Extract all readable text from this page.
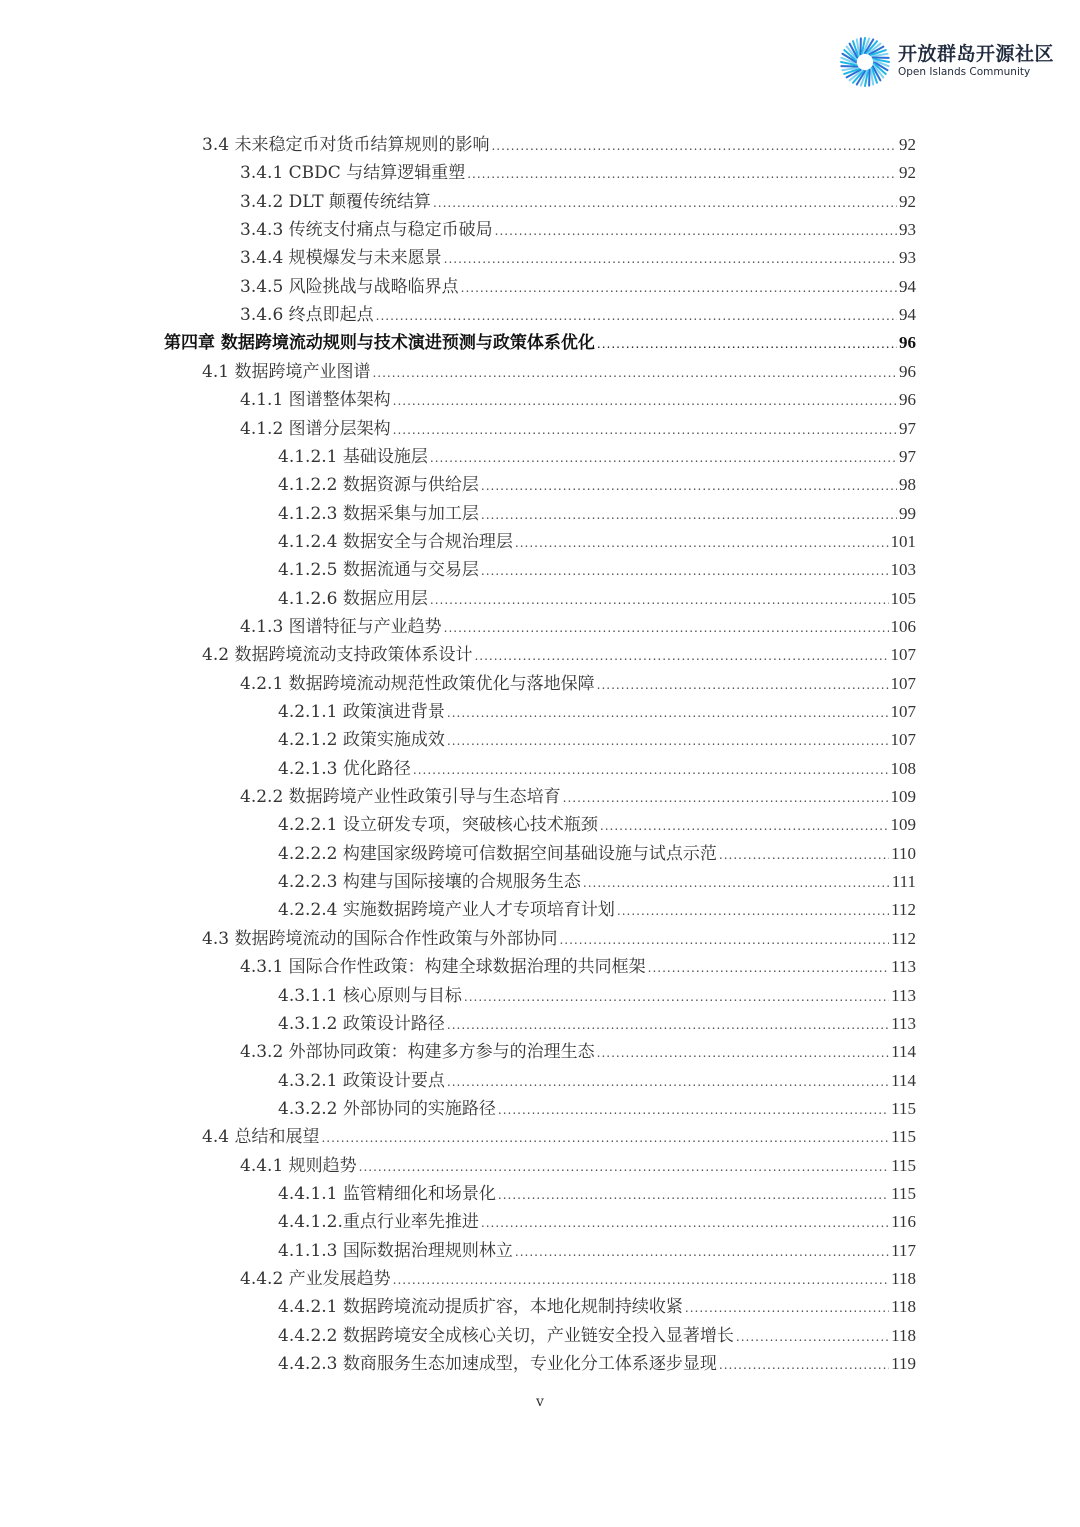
开放群岛开源社区
Open Islands Community
3.4 未来稳定币对货币结算规则的影响 .....	92
3.4.1 CBDC 与结算逻辑重塑 .....	92
3.4.2 DLT 颠覆传统结算 .....	92
3.4.3 传统支付痛点与稳定币破局 .....	93
3.4.4 规模爆发与未来愿景 .....	93
3.4.5 风险挑战与战略临界点 .....	94
3.4.6 终点即起点 .....	94
第四章 数据跨境流动规则与技术演进预测与政策体系优化 .....	96
4.1 数据跨境产业图谱 .....	96
4.1.1 图谱整体架构 .....	96
4.1.2 图谱分层架构 .....	97
4.1.2.1 基础设施层 .....	97
4.1.2.2 数据资源与供给层 .....	98
4.1.2.3 数据采集与加工层 .....	99
4.1.2.4 数据安全与合规治理层 .....	101
4.1.2.5 数据流通与交易层 .....	103
4.1.2.6 数据应用层 .....	105
4.1.3 图谱特征与产业趋势 .....	106
4.2 数据跨境流动支持政策体系设计 .....	107
4.2.1 数据跨境流动规范性政策优化与落地保障 .....	107
4.2.1.1 政策演进背景 .....	107
4.2.1.2 政策实施成效 .....	107
4.2.1.3 优化路径 .....	108
4.2.2 数据跨境产业性政策引导与生态培育 .....	109
4.2.2.1 设立研发专项，突破核心技术瓶颈 .....	109
4.2.2.2 构建国家级跨境可信数据空间基础设施与试点示范 .....	110
4.2.2.3 构建与国际接壤的合规服务生态 .....	111
4.2.2.4 实施数据跨境产业人才专项培育计划 .....	112
4.3 数据跨境流动的国际合作性政策与外部协同 .....	112
4.3.1 国际合作性政策：构建全球数据治理的共同框架 .....	113
4.3.1.1 核心原则与目标 .....	113
4.3.1.2 政策设计路径 .....	113
4.3.2 外部协同政策：构建多方参与的治理生态 .....	114
4.3.2.1 政策设计要点 .....	114
4.3.2.2 外部协同的实施路径 .....	115
4.4 总结和展望 .....	115
4.4.1 规则趋势 .....	115
4.4.1.1 监管精细化和场景化 .....	115
4.4.1.2.重点行业率先推进 .....	116
4.1.1.3 国际数据治理规则林立 .....	117
4.4.2 产业发展趋势 .....	118
4.4.2.1 数据跨境流动提质扩容，本地化规制持续收紧 .....	118
4.4.2.2 数据跨境安全成核心关切，产业链安全投入显著增长 .....	118
4.4.2.3 数商服务生态加速成型，专业化分工体系逐步显现 .....	119
v
